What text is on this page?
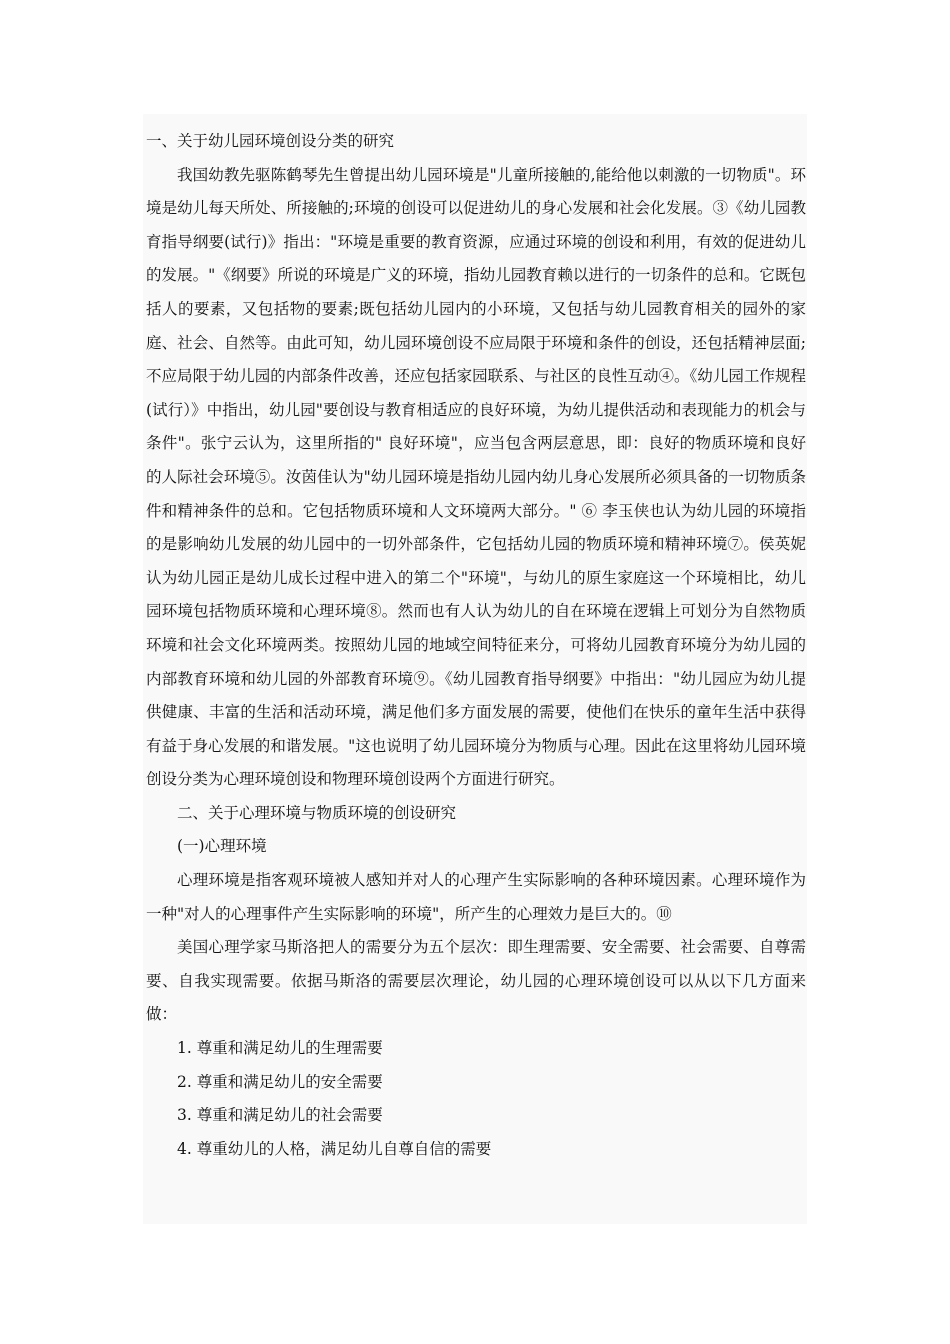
一、关于幼儿园环境创设分类的研究

我国幼教先驱陈鹤琴先生曾提出幼儿园环境是"儿童所接触的,能给他以刺激的一切物质"。环境是幼儿每天所处、所接触的;环境的创设可以促进幼儿的身心发展和社会化发展。③《幼儿园教育指导纲要(试行)》指出："环境是重要的教育资源，应通过环境的创设和利用，有效的促进幼儿的发展。"《纲要》所说的环境是广义的环境，指幼儿园教育赖以进行的一切条件的总和。它既包括人的要素，又包括物的要素;既包括幼儿园内的小环境，又包括与幼儿园教育相关的园外的家庭、社会、自然等。由此可知，幼儿园环境创设不应局限于环境和条件的创设，还包括精神层面;不应局限于幼儿园的内部条件改善，还应包括家园联系、与社区的良性互动④。《幼儿园工作规程(试行）》中指出，幼儿园"要创设与教育相适应的良好环境，为幼儿提供活动和表现能力的机会与条件"。张宁云认为，这里所指的" 良好环境"，应当包含两层意思，即：良好的物质环境和良好的人际社会环境⑤。汝茵佳认为"幼儿园环境是指幼儿园内幼儿身心发展所必须具备的一切物质条件和精神条件的总和。它包括物质环境和人文环境两大部分。" ⑥ 李玉侠也认为幼儿园的环境指的是影响幼儿发展的幼儿园中的一切外部条件，它包括幼儿园的物质环境和精神环境⑦。侯英妮认为幼儿园正是幼儿成长过程中进入的第二个"环境"，与幼儿的原生家庭这一个环境相比，幼儿园环境包括物质环境和心理环境⑧。然而也有人认为幼儿的自在环境在逻辑上可划分为自然物质环境和社会文化环境两类。按照幼儿园的地域空间特征来分，可将幼儿园教育环境分为幼儿园的内部教育环境和幼儿园的外部教育环境⑨。《幼儿园教育指导纲要》中指出："幼儿园应为幼儿提供健康、丰富的生活和活动环境，满足他们多方面发展的需要，使他们在快乐的童年生活中获得有益于身心发展的和谐发展。"这也说明了幼儿园环境分为物质与心理。因此在这里将幼儿园环境创设分类为心理环境创设和物理环境创设两个方面进行研究。

二、关于心理环境与物质环境的创设研究

(一)心理环境

心理环境是指客观环境被人感知并对人的心理产生实际影响的各种环境因素。心理环境作为一种"对人的心理事件产生实际影响的环境"，所产生的心理效力是巨大的。⑩

美国心理学家马斯洛把人的需要分为五个层次：即生理需要、安全需要、社会需要、自尊需要、自我实现需要。依据马斯洛的需要层次理论，幼儿园的心理环境创设可以从以下几方面来做：

1. 尊重和满足幼儿的生理需要

2. 尊重和满足幼儿的安全需要

3. 尊重和满足幼儿的社会需要

4. 尊重幼儿的人格，满足幼儿自尊自信的需要
